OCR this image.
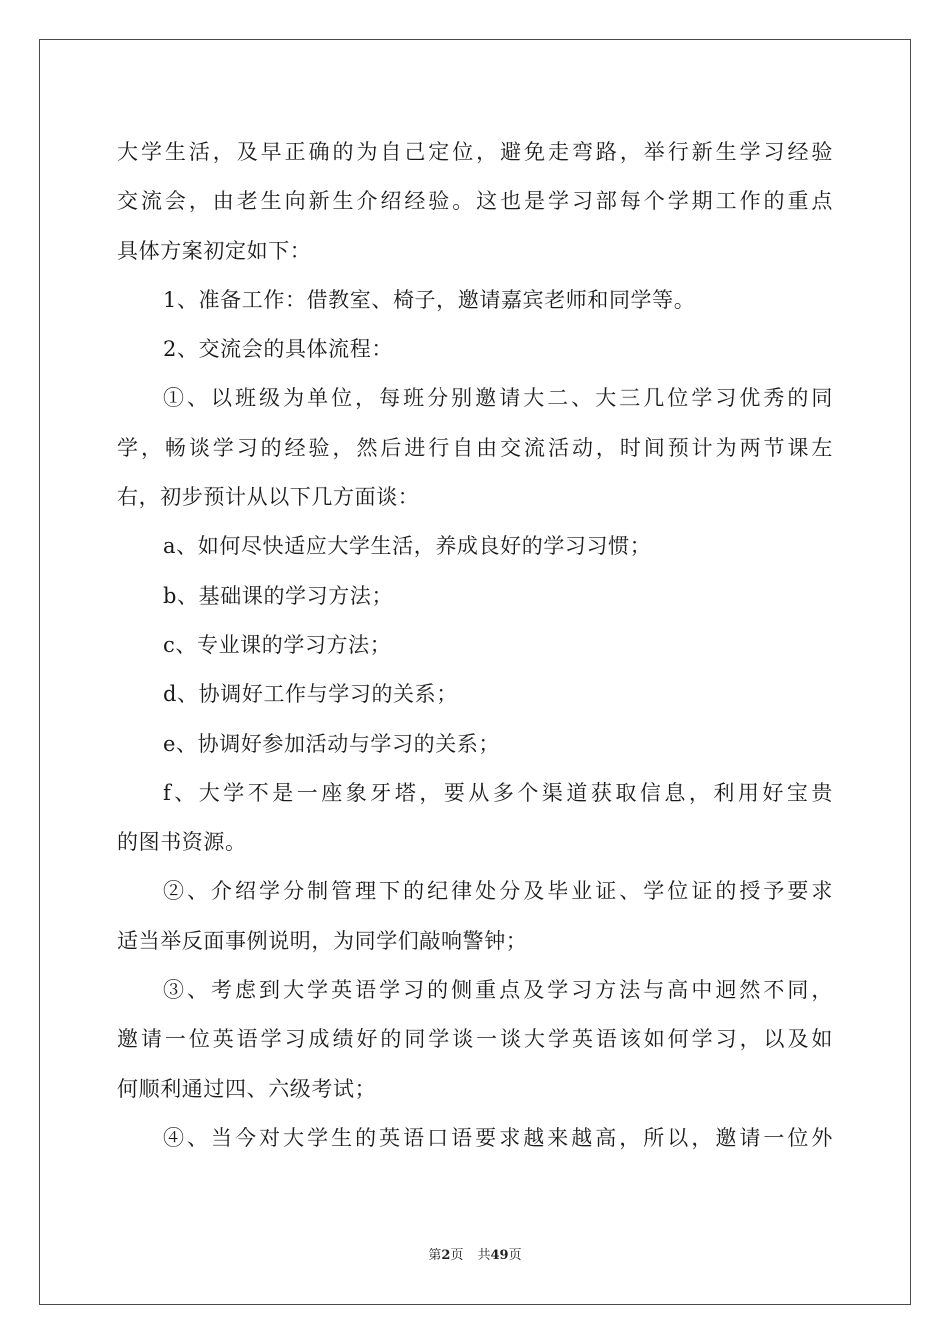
大学生活，及早正确的为自己定位，避免走弯路，举行新生学习经验
交流会，由老生向新生介绍经验。这也是学习部每个学期工作的重点
具体方案初定如下：
1、准备工作：借教室、椅子，邀请嘉宾老师和同学等。
2、交流会的具体流程：
①、以班级为单位，每班分别邀请大二、大三几位学习优秀的同
学，畅谈学习的经验，然后进行自由交流活动，时间预计为两节课左
右，初步预计从以下几方面谈：
a、如何尽快适应大学生活，养成良好的学习习惯；
b、基础课的学习方法；
c、专业课的学习方法；
d、协调好工作与学习的关系；
e、协调好参加活动与学习的关系；
f、大学不是一座象牙塔，要从多个渠道获取信息，利用好宝贵
的图书资源。
②、介绍学分制管理下的纪律处分及毕业证、学位证的授予要求
适当举反面事例说明，为同学们敲响警钟；
③、考虑到大学英语学习的侧重点及学习方法与高中迥然不同，
邀请一位英语学习成绩好的同学谈一谈大学英语该如何学习，以及如
何顺利通过四、六级考试；
④、当今对大学生的英语口语要求越来越高，所以，邀请一位外
第2页 共49页
